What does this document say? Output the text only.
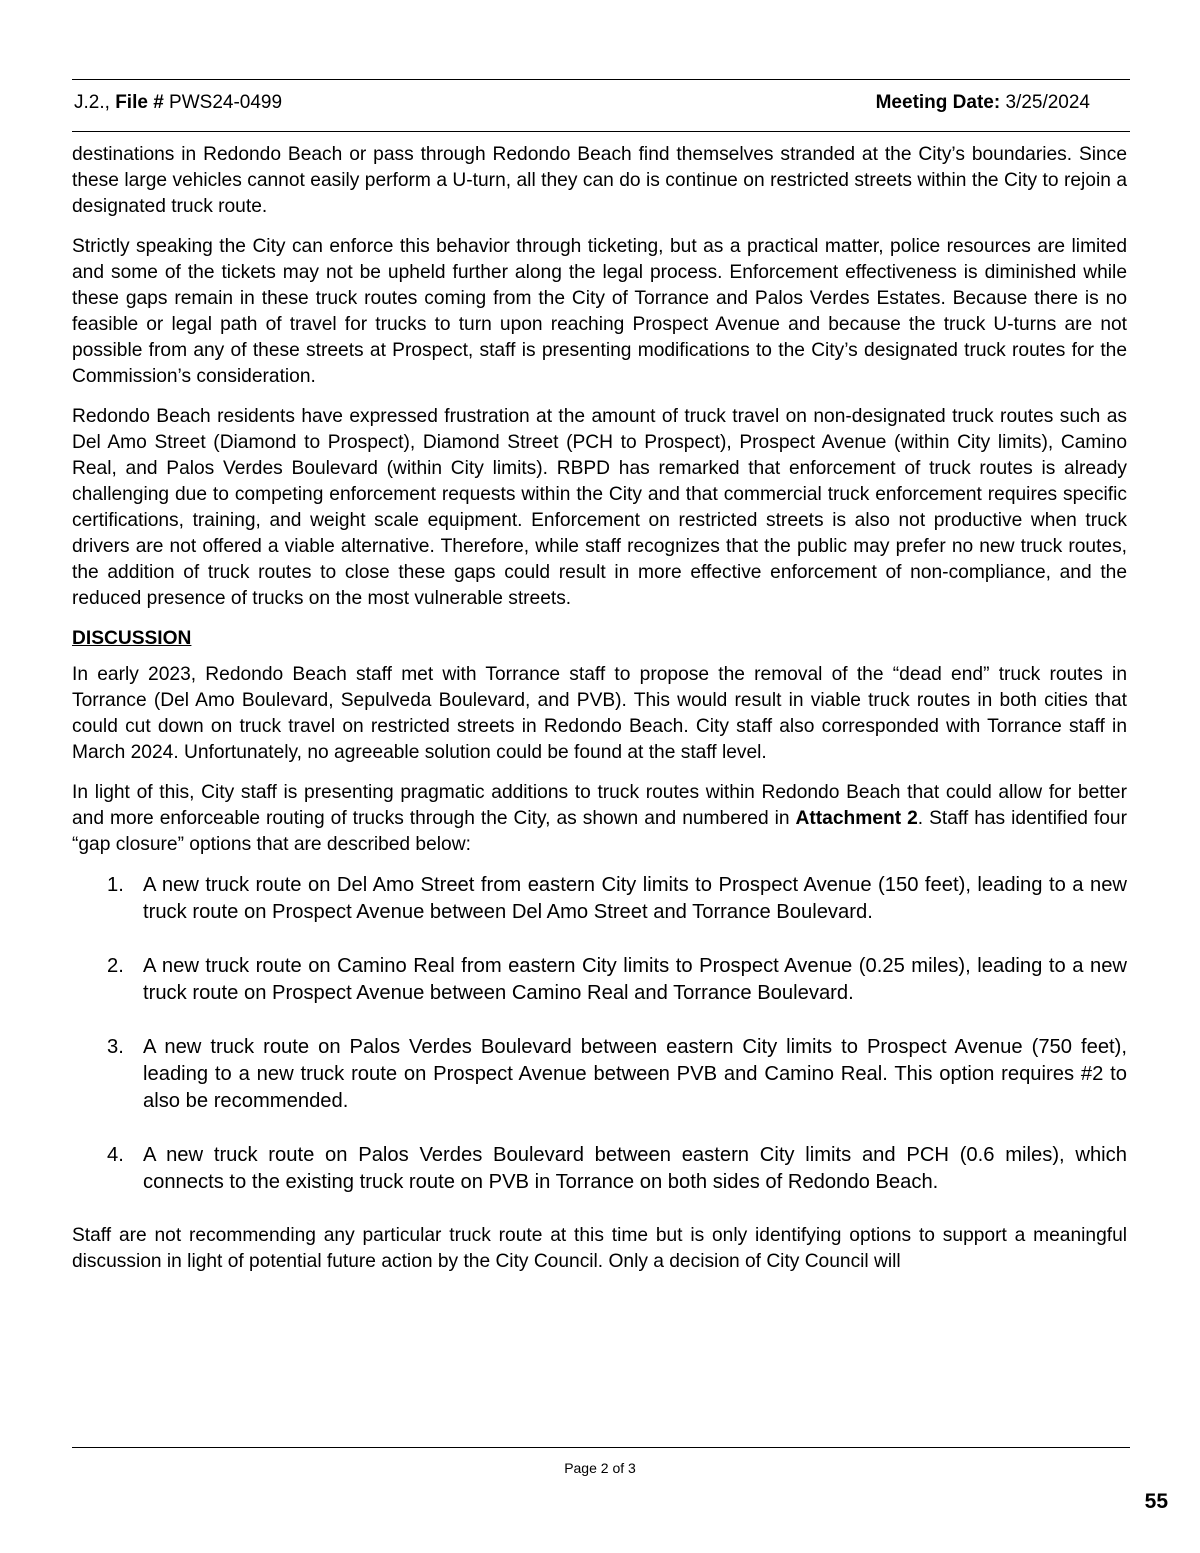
J.2., File # PWS24-0499	Meeting Date: 3/25/2024

destinations in Redondo Beach or pass through Redondo Beach find themselves stranded at the City’s boundaries. Since these large vehicles cannot easily perform a U-turn, all they can do is continue on restricted streets within the City to rejoin a designated truck route.

Strictly speaking the City can enforce this behavior through ticketing, but as a practical matter, police resources are limited and some of the tickets may not be upheld further along the legal process. Enforcement effectiveness is diminished while these gaps remain in these truck routes coming from the City of Torrance and Palos Verdes Estates. Because there is no feasible or legal path of travel for trucks to turn upon reaching Prospect Avenue and because the truck U-turns are not possible from any of these streets at Prospect, staff is presenting modifications to the City’s designated truck routes for the Commission’s consideration.

Redondo Beach residents have expressed frustration at the amount of truck travel on non-designated truck routes such as Del Amo Street (Diamond to Prospect), Diamond Street (PCH to Prospect), Prospect Avenue (within City limits), Camino Real, and Palos Verdes Boulevard (within City limits). RBPD has remarked that enforcement of truck routes is already challenging due to competing enforcement requests within the City and that commercial truck enforcement requires specific certifications, training, and weight scale equipment. Enforcement on restricted streets is also not productive when truck drivers are not offered a viable alternative. Therefore, while staff recognizes that the public may prefer no new truck routes, the addition of truck routes to close these gaps could result in more effective enforcement of non-compliance, and the reduced presence of trucks on the most vulnerable streets.

DISCUSSION

In early 2023, Redondo Beach staff met with Torrance staff to propose the removal of the “dead end” truck routes in Torrance (Del Amo Boulevard, Sepulveda Boulevard, and PVB). This would result in viable truck routes in both cities that could cut down on truck travel on restricted streets in Redondo Beach. City staff also corresponded with Torrance staff in March 2024. Unfortunately, no agreeable solution could be found at the staff level.

In light of this, City staff is presenting pragmatic additions to truck routes within Redondo Beach that could allow for better and more enforceable routing of trucks through the City, as shown and numbered in Attachment 2. Staff has identified four “gap closure” options that are described below:

1. A new truck route on Del Amo Street from eastern City limits to Prospect Avenue (150 feet), leading to a new truck route on Prospect Avenue between Del Amo Street and Torrance Boulevard.
2. A new truck route on Camino Real from eastern City limits to Prospect Avenue (0.25 miles), leading to a new truck route on Prospect Avenue between Camino Real and Torrance Boulevard.
3. A new truck route on Palos Verdes Boulevard between eastern City limits to Prospect Avenue (750 feet), leading to a new truck route on Prospect Avenue between PVB and Camino Real. This option requires #2 to also be recommended.
4. A new truck route on Palos Verdes Boulevard between eastern City limits and PCH (0.6 miles), which connects to the existing truck route on PVB in Torrance on both sides of Redondo Beach.

Staff are not recommending any particular truck route at this time but is only identifying options to support a meaningful discussion in light of potential future action by the City Council. Only a decision of City Council will

Page 2 of 3
55
